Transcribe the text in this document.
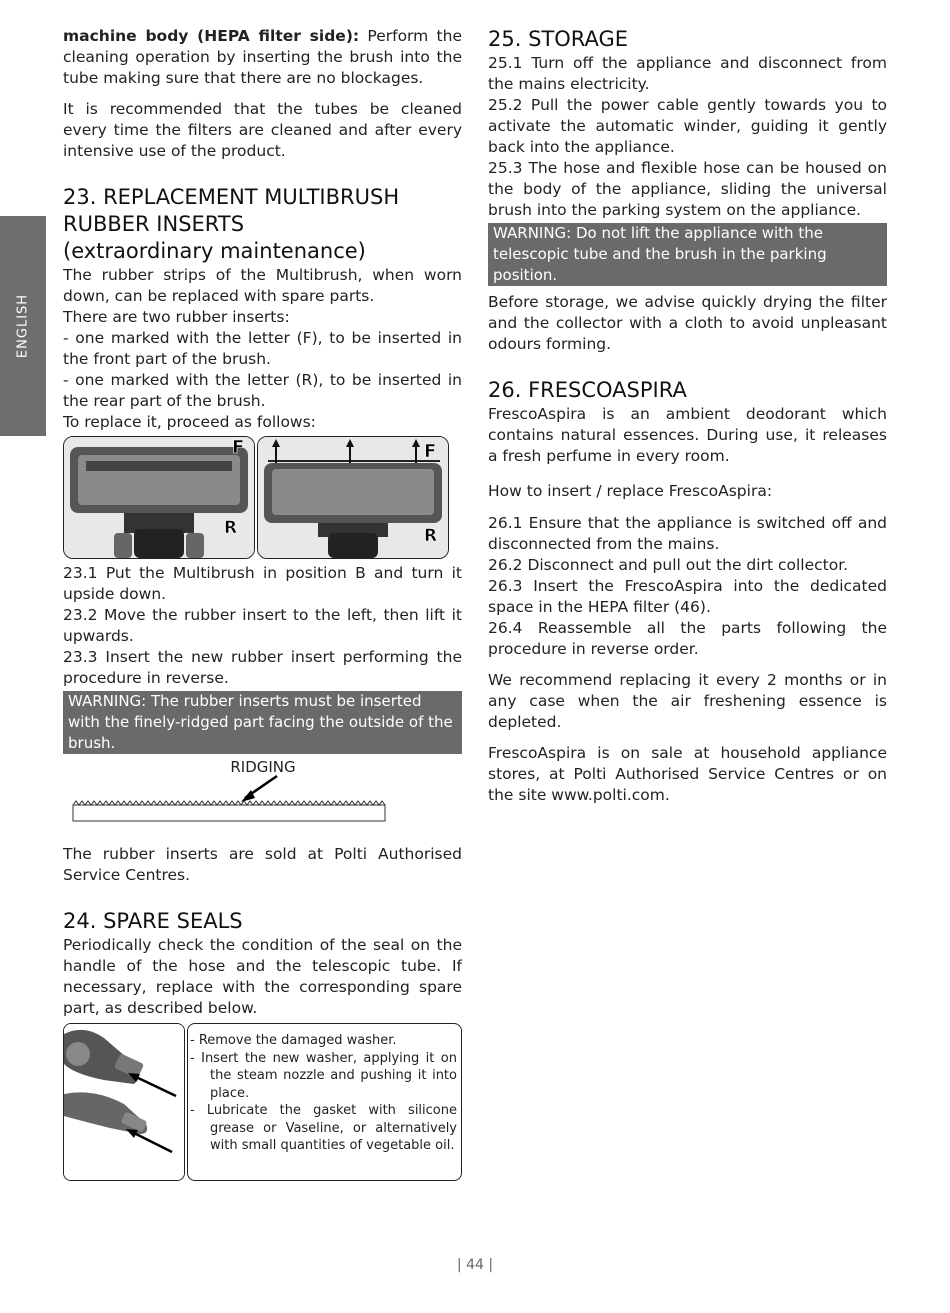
ENGLISH

machine body (HEPA filter side): Perform the cleaning operation by inserting the brush into the tube making sure that there are no blockages.

It is recommended that the tubes be cleaned every time the filters are cleaned and after every intensive use of the product.

23. REPLACEMENT MULTIBRUSH
RUBBER INSERTS
(extraordinary maintenance)

The rubber strips of the Multibrush, when worn down, can be replaced with spare parts.

There are two rubber inserts:

- one marked with the letter (F), to be inserted in the front part of the brush.

- one marked with the letter (R), to be inserted in the rear part of the brush.

To replace it, proceed as follows:

F
R
F
R

23.1 Put the Multibrush in position B and turn it upside down.

23.2 Move the rubber insert to the left, then lift it upwards.

23.3 Insert the new rubber insert performing the procedure in reverse.

WARNING: The rubber inserts must be inserted with the finely-ridged part facing the outside of the brush.
RIDGING

The rubber inserts are sold at Polti Authorised Service Centres.

24. SPARE SEALS

Periodically check the condition of the seal on the handle of the hose and the telescopic tube. If necessary, replace with the corresponding spare part, as described below.

- Remove the damaged washer.
- Insert the new washer, applying it on the steam nozzle and pushing it into place.
- Lubricate the gasket with silicone grease or Vaseline, or alternatively with small quantities of vegetable oil.
25. STORAGE

25.1 Turn off the appliance and disconnect from the mains electricity.

25.2 Pull the power cable gently towards you to activate the automatic winder, guiding it gently back into the appliance.

25.3 The hose and flexible hose can be housed on the body of the appliance, sliding the universal brush into the parking system on the appliance.

WARNING: Do not lift the appliance with the telescopic tube and the brush in the parking position.

Before storage, we advise quickly drying the filter and the collector with a cloth to avoid unpleasant odours forming.

26. FRESCOASPIRA

FrescoAspira is an ambient deodorant which contains natural essences. During use, it releases a fresh perfume in every room.

How to insert / replace FrescoAspira:

26.1 Ensure that the appliance is switched off and disconnected from the mains.

26.2 Disconnect and pull out the dirt collector.

26.3 Insert the FrescoAspira into the dedicated space in the HEPA filter (46).

26.4 Reassemble all the parts following the procedure in reverse order.

We recommend replacing it every 2 months or in any case when the air freshening essence is depleted.

FrescoAspira is on sale at household appliance stores, at Polti Authorised Service Centres or on the site www.polti.com.

| 44 |
